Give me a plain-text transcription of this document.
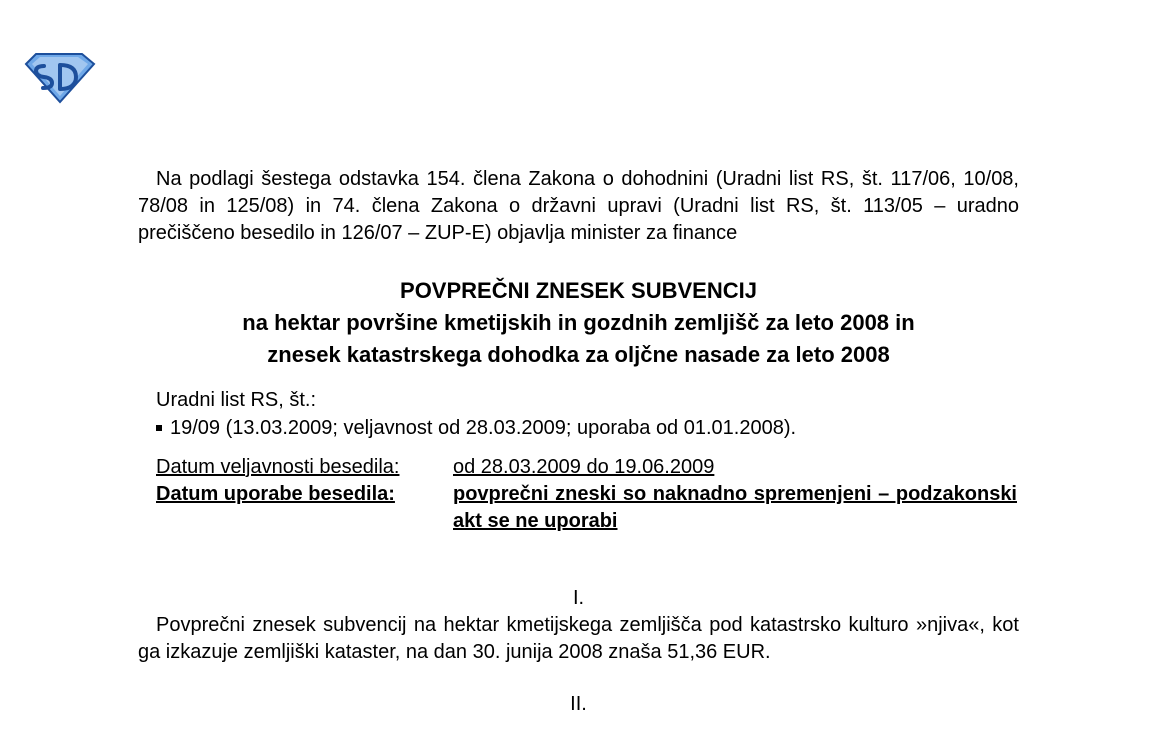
Na podlagi šestega odstavka 154. člena Zakona o dohodnini (Uradni list RS, št. 117/06, 10/08, 78/08 in 125/08) in 74. člena Zakona o državni upravi (Uradni list RS, št. 113/05 – uradno prečiščeno besedilo in 126/07 – ZUP-E) objavlja minister za finance

POVPREČNI ZNESEK SUBVENCIJ
na hektar površine kmetijskih in gozdnih zemljišč za leto 2008 in
znesek katastrskega dohodka za oljčne nasade za leto 2008
Uradni list RS, št.:
19/09 (13.03.2009; veljavnost od 28.03.2009; uporaba od 01.01.2008).
Datum veljavnosti besedila:	od 28.03.2009 do 19.06.2009
Datum uporabe besedila:	povprečni zneski so naknadno spremenjeni – podzakonski akt se ne uporabi
I.

Povprečni znesek subvencij na hektar kmetijskega zemljišča pod katastrsko kulturo »njiva«, kot ga izkazuje zemljiški kataster, na dan 30. junija 2008 znaša 51,36 EUR.

II.
